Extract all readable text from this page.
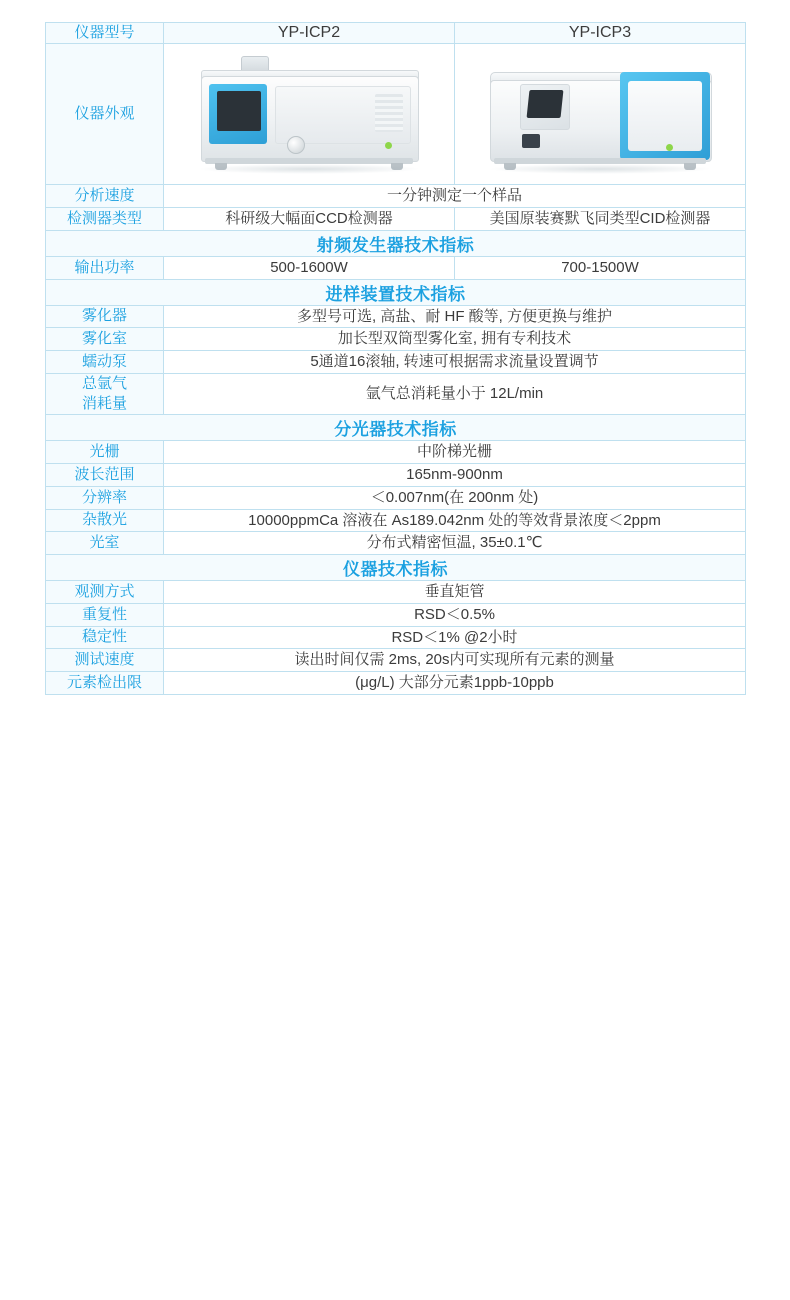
仪器型号	YP-ICP2	YP-ICP3
仪器外观	

分析速度	一分钟测定一个样品	
检测器类型	科研级大幅面CCD检测器	美国原装赛默飞同类型CID检测器
射频发生器技术指标		
输出功率	500-1600W	700-1500W
进样装置技术指标		
雾化器	多型号可选, 高盐、耐 HF 酸等, 方便更换与维护	
雾化室	加长型双筒型雾化室, 拥有专利技术	
蠕动泵	5通道16滚轴, 转速可根据需求流量设置调节	

总氩气
消耗量	氩气总消耗量小于 12L/min	
分光器技术指标		
光栅	中阶梯光栅	
波长范围	165nm-900nm	
分辨率	＜0.007nm(在 200nm 处)	
杂散光	10000ppmCa 溶液在 As189.042nm 处的等效背景浓度＜2ppm	
光室	分布式精密恒温, 35±0.1℃	
仪器技术指标		
观测方式	垂直矩管	
重复性	RSD＜0.5%	
稳定性	RSD＜1% @2小时	
测试速度	读出时间仅需 2ms, 20s内可实现所有元素的测量	
元素检出限	(μg/L) 大部分元素1ppb-10ppb	
